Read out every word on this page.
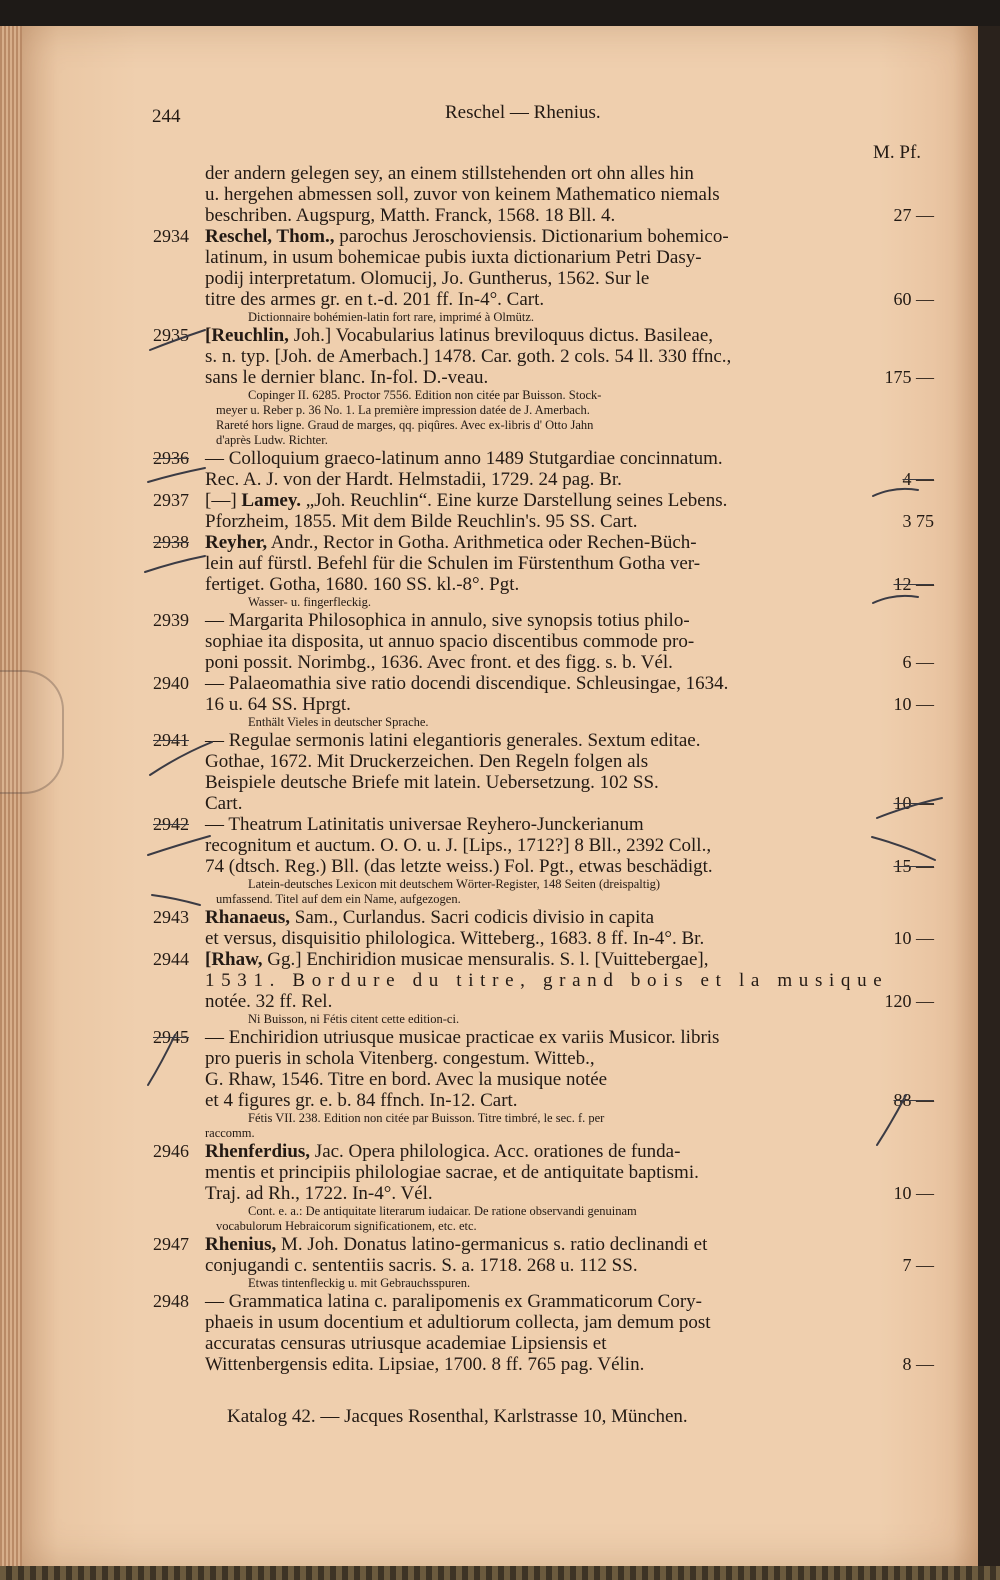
244	Reschel — Rhenius.
M. Pf.
der andern gelegen sey, an einem stillstehenden ort ohn alles hin
u. hergehen abmessen soll, zuvor von keinem Mathematico niemals
beschriben. Augspurg, Matth. Franck, 1568. 18 Bll. 4.	27 —
2934 Reschel, Thom., parochus Jeroschoviensis. Dictionarium bohemico-
latinum, in usum bohemicae pubis iuxta dictionarium Petri Dasy-
podij interpretatum. Olomucij, Jo. Guntherus, 1562. Sur le
titre des armes gr. en t.-d. 201 ff. In-4°. Cart.	60 —
Dictionnaire bohémien-latin fort rare, imprimé à Olmütz.
2935 [Reuchlin, Joh.] Vocabularius latinus breviloquus dictus. Basileae,
s. n. typ. [Joh. de Amerbach.] 1478. Car. goth. 2 cols. 54 ll. 330 ffnc.,
sans le dernier blanc. In-fol. D.-veau.	175 —
Copinger II. 6285. Proctor 7556. Edition non citée par Buisson. Stock-
meyer u. Reber p. 36 No. 1. La première impression datée de J. Amerbach.
Rareté hors ligne. Graud de marges, qq. piqûres. Avec ex-libris d' Otto Jahn
d'après Ludw. Richter.
2936 — Colloquium graeco-latinum anno 1489 Stutgardiae concinnatum.
Rec. A. J. von der Hardt. Helmstadii, 1729. 24 pag. Br.	4 —
2937 [—] Lamey. „Joh. Reuchlin“. Eine kurze Darstellung seines Lebens.
Pforzheim, 1855. Mit dem Bilde Reuchlin's. 95 SS. Cart.	3 75
2938 Reyher, Andr., Rector in Gotha. Arithmetica oder Rechen-Büch-
lein auf fürstl. Befehl für die Schulen im Fürstenthum Gotha ver-
fertiget. Gotha, 1680. 160 SS. kl.-8°. Pgt.	12 —
Wasser- u. fingerfleckig.
2939 — Margarita Philosophica in annulo, sive synopsis totius philo-
sophiae ita disposita, ut annuo spacio discentibus commode pro-
poni possit. Norimbg., 1636. Avec front. et des figg. s. b. Vél.	6 —
2940 — Palaeomathia sive ratio docendi discendique. Schleusingae, 1634.
16 u. 64 SS. Hprgt.	10 —
Enthält Vieles in deutscher Sprache.
2941 — Regulae sermonis latini elegantioris generales. Sextum editae.
Gothae, 1672. Mit Druckerzeichen. Den Regeln folgen als
Beispiele deutsche Briefe mit latein. Uebersetzung. 102 SS.
Cart.	10 —
2942 — Theatrum Latinitatis universae Reyhero-Junckerianum
recognitum et auctum. O. O. u. J. [Lips., 1712?] 8 Bll., 2392 Coll.,
74 (dtsch. Reg.) Bll. (das letzte weiss.) Fol. Pgt., etwas beschädigt.	15 —
Latein-deutsches Lexicon mit deutschem Wörter-Register, 148 Seiten (dreispaltig)
umfassend. Titel auf dem ein Name, aufgezogen.
2943 Rhanaeus, Sam., Curlandus. Sacri codicis divisio in capita
et versus, disquisitio philologica. Witteberg., 1683. 8 ff. In-4°. Br.	10 —
2944 [Rhaw, Gg.] Enchiridion musicae mensuralis. S. l. [Vuittebergae],
1531. Bordure du titre, grand bois et la musique
notée. 32 ff. Rel.	120 —
Ni Buisson, ni Fétis citent cette edition-ci.
2945 — Enchiridion utriusque musicae practicae ex variis Musicor. libris
pro pueris in schola Vitenberg. congestum. Witteb.,
G. Rhaw, 1546. Titre en bord. Avec la musique notée
et 4 figures gr. e. b. 84 ffnch. In-12. Cart.	88 —
Fétis VII. 238. Edition non citée par Buisson. Titre timbré, le sec. f. per
raccomm.
2946 Rhenferdius, Jac. Opera philologica. Acc. orationes de funda-
mentis et principiis philologiae sacrae, et de antiquitate baptismi.
Traj. ad Rh., 1722. In-4°. Vél.	10 —
Cont. e. a.: De antiquitate literarum iudaicar. De ratione observandi genuinam
vocabulorum Hebraicorum significationem, etc. etc.
2947 Rhenius, M. Joh. Donatus latino-germanicus s. ratio declinandi et
conjugandi c. sententiis sacris. S. a. 1718. 268 u. 112 SS.	7 —
Etwas tintenfleckig u. mit Gebrauchsspuren.
2948 — Grammatica latina c. paralipomenis ex Grammaticorum Cory-
phaeis in usum docentium et adultiorum collecta, jam demum post
accuratas censuras utriusque academiae Lipsiensis et
Wittenbergensis edita. Lipsiae, 1700. 8 ff. 765 pag. Vélin.	8 —
Katalog 42. — Jacques Rosenthal, Karlstrasse 10, München.
